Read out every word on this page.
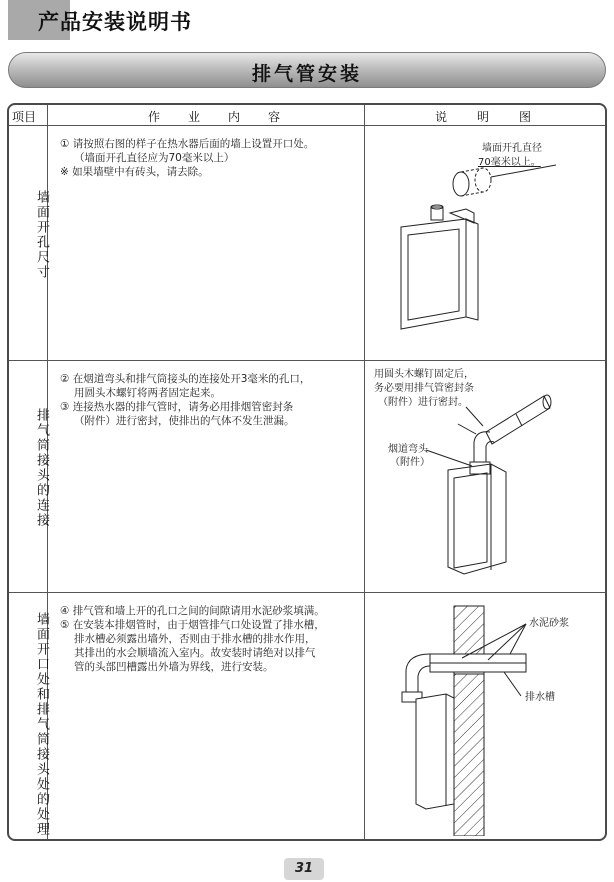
产品安装说明书
排气管安装
项目	作业内容	说明图
墙面开孔尺寸

① 请按照右图的样子在热水器后面的墙上设置开口处。

（墙面开孔直径应为70毫米以上）

※ 如果墙壁中有砖头，请去除。

墙面开孔直径
70毫米以上。
排气筒接头的连接

② 在烟道弯头和排气筒接头的连接处开3毫米的孔口，

用圆头木螺钉将两者固定起来。

③ 连接热水器的排气管时，请务必用排烟管密封条

（附件）进行密封，使排出的气体不发生泄漏。

用圆头木螺钉固定后，
务必要用排气管密封条
（附件）进行密封。
烟道弯头
（附件）
墙面开口处和排气筒接头处的处理

④ 排气管和墙上开的孔口之间的间隙请用水泥砂浆填满。

⑤ 在安装本排烟管时，由于烟管排气口处设置了排水槽，

排水槽必须露出墙外，否则由于排水槽的排水作用，

其排出的水会顺墙流入室内。故安装时请绝对以排气

管的头部凹槽露出外墙为界线，进行安装。

水泥砂浆
排水槽
31
